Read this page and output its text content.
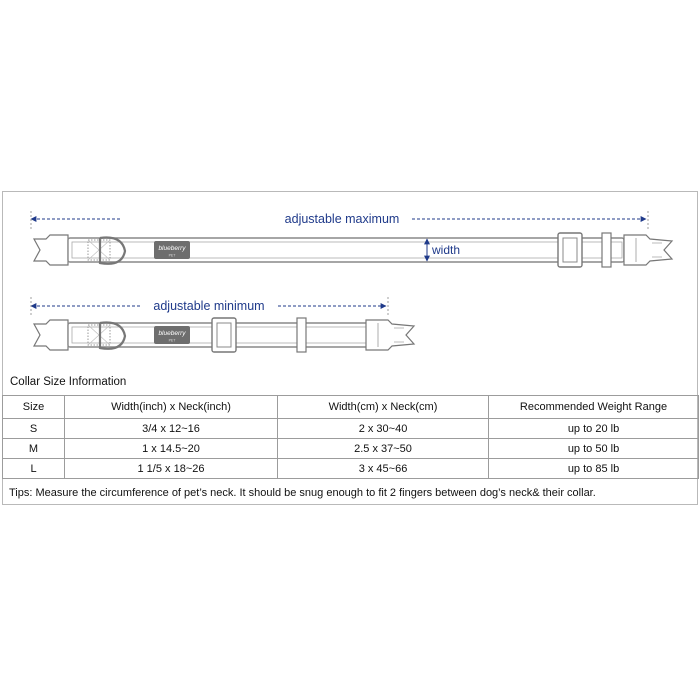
adjustable maximum
blueberry
PET	width
adjustable minimum
blueberry
PET
Collar Size Information
Size	Width(inch) x Neck(inch)	Width(cm) x Neck(cm)	Recommended Weight Range
S	3/4 x 12~16	2 x 30~40	up to 20 lb
M	1 x 14.5~20	2.5 x 37~50	up to 50 lb
L	1 1/5 x 18~26	3 x 45~66	up to 85 lb
Tips: Measure the circumference of pet’s neck. It should be snug enough to fit 2 fingers between dog’s neck& their collar.
